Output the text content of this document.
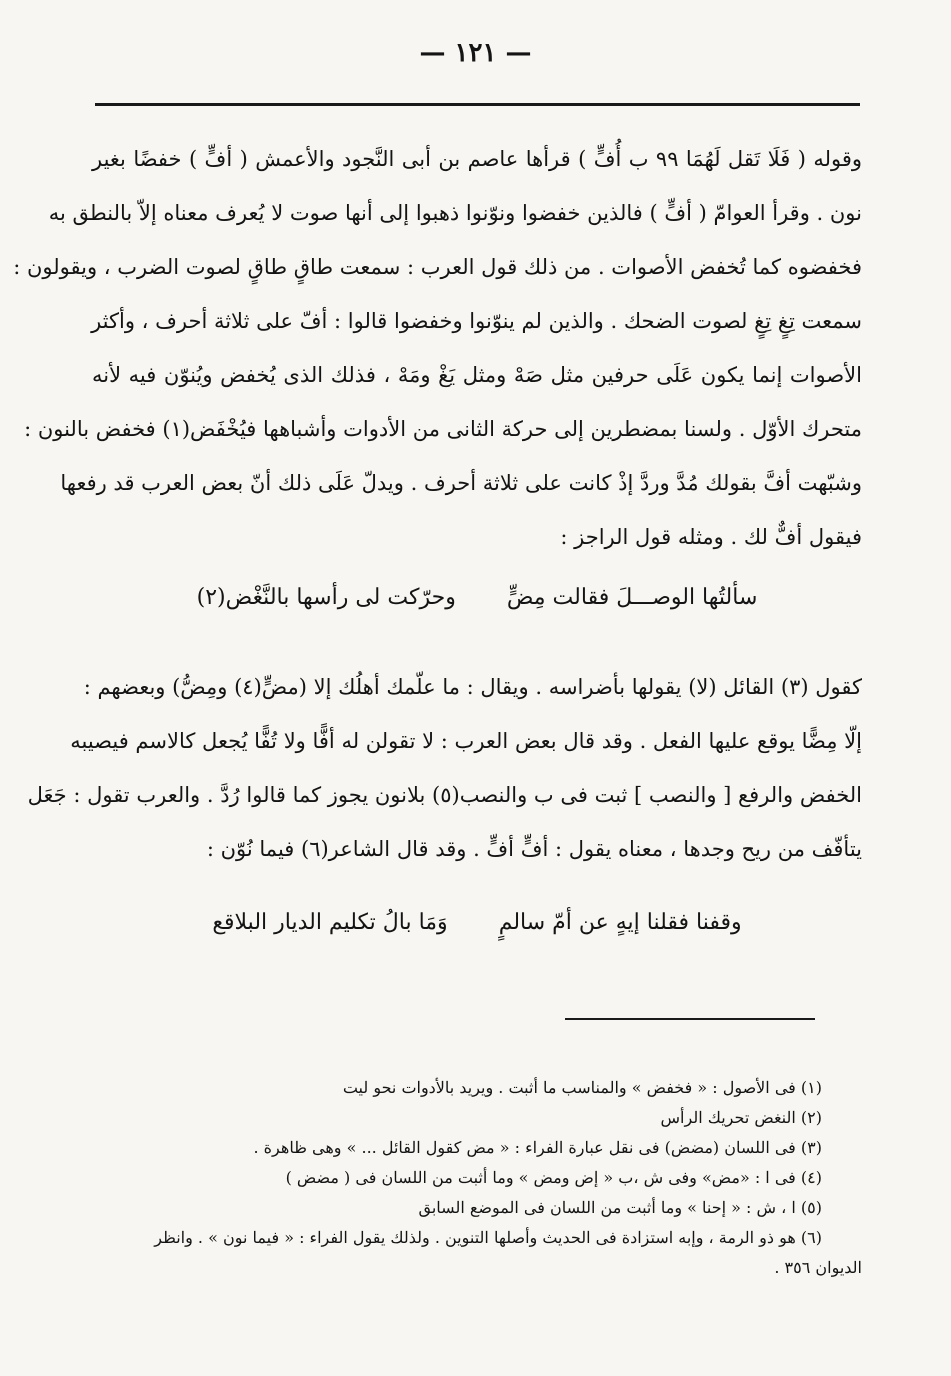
— ١٢١ —
وقوله ( فَلَا تَقل لَهُمَا ٩٩ ب أُفٍّ ) قرأها عاصم بن أبى النَّجود والأعمش ( أفٍّ ) خفضًا بغير
نون . وقرأ العوامّ ( أفٍّ ) فالذين خفضوا ونوّنوا ذهبوا إلى أنها صوت لا يُعرف معناه إلاّ بالنطق به
فخفضوه كما تُخفض الأصوات . من ذلك قول العرب : سمعت طاقٍ طاقٍ لصوت الضرب ، ويقولون :
سمعت تِغٍ تِغٍ لصوت الضحك . والذين لم ينوّنوا وخفضوا قالوا : أفّ على ثلاثة أحرف ، وأكثر
الأصوات إنما يكون عَلَى حرفين مثل صَهْ ومثل يَغْ ومَهْ ، فذلك الذى يُخفض ويُنوّن فيه لأنه
متحرك الأوّل . ولسنا بمضطرين إلى حركة الثانى من الأدوات وأشباهها فيُخْفَض(١) فخفض بالنون :
وشبّهت أفَّ بقولك مُدَّ وردَّ إذْ كانت على ثلاثة أحرف . ويدلّ عَلَى ذلك أنّ بعض العرب قد رفعها
فيقول أفٌّ لك . ومثله قول الراجز :
سألتُها الوصـــلَ فقالت مِضٍّ وحرّكت لى رأسها بالنَّغْض(٢)
كقول (٣) القائل (لا) يقولها بأضراسه . ويقال : ما علّمك أهلُك إلا (مضٍّ(٤) ومِضُّ) وبعضهم :
إلّا مِضًّا يوقع عليها الفعل . وقد قال بعض العرب : لا تقولن له أفًّا ولا تُفًّا يُجعل كالاسم فيصيبه
الخفض والرفع [ والنصب ] ثبت فى ب والنصب(٥) بلانون يجوز كما قالوا رُدَّ . والعرب تقول : جَعَل
يتأفّف من ريح وجدها ، معناه يقول : أفٍّ أفٍّ . وقد قال الشاعر(٦) فيما نُوّن :
وقفنا فقلنا إيهٍ عن أمّ سالمٍ وَمَا بالُ تكليم الديار البلاقع
(١) فى الأصول : « فخفض » والمناسب ما أثبت . ويريد بالأدوات نحو ليت
(٢) النغض تحريك الرأس
(٣) فى اللسان (مضض) فى نقل عبارة الفراء : « مض كقول القائل ... » وهى ظاهرة .
(٤) فى ا : «مض» وفى ش ،ب « إض ومض » وما أثبت من اللسان فى ( مضض )
(٥) ا ، ش : « إحنا » وما أثبت من اللسان فى الموضع السابق
(٦) هو ذو الرمة ، وإبه استزادة فى الحديث وأصلها التنوين . ولذلك يقول الفراء : « فيما نون » . وانظر
الديوان ٣٥٦ .
